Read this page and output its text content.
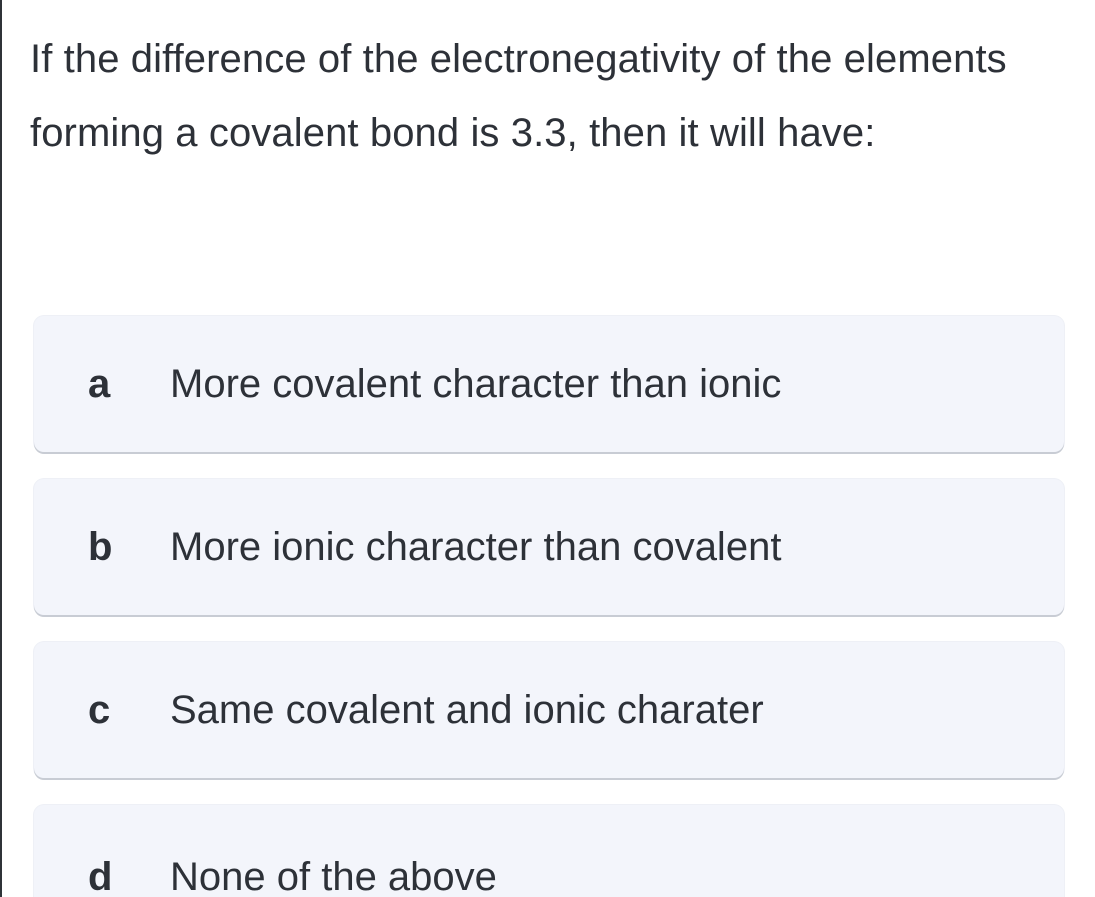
If the difference of the electronegativity of the elements forming a covalent bond is 3.3, then it will have:

a	More covalent character than ionic
b	More ionic character than covalent
c	Same covalent and ionic charater
d	None of the above
